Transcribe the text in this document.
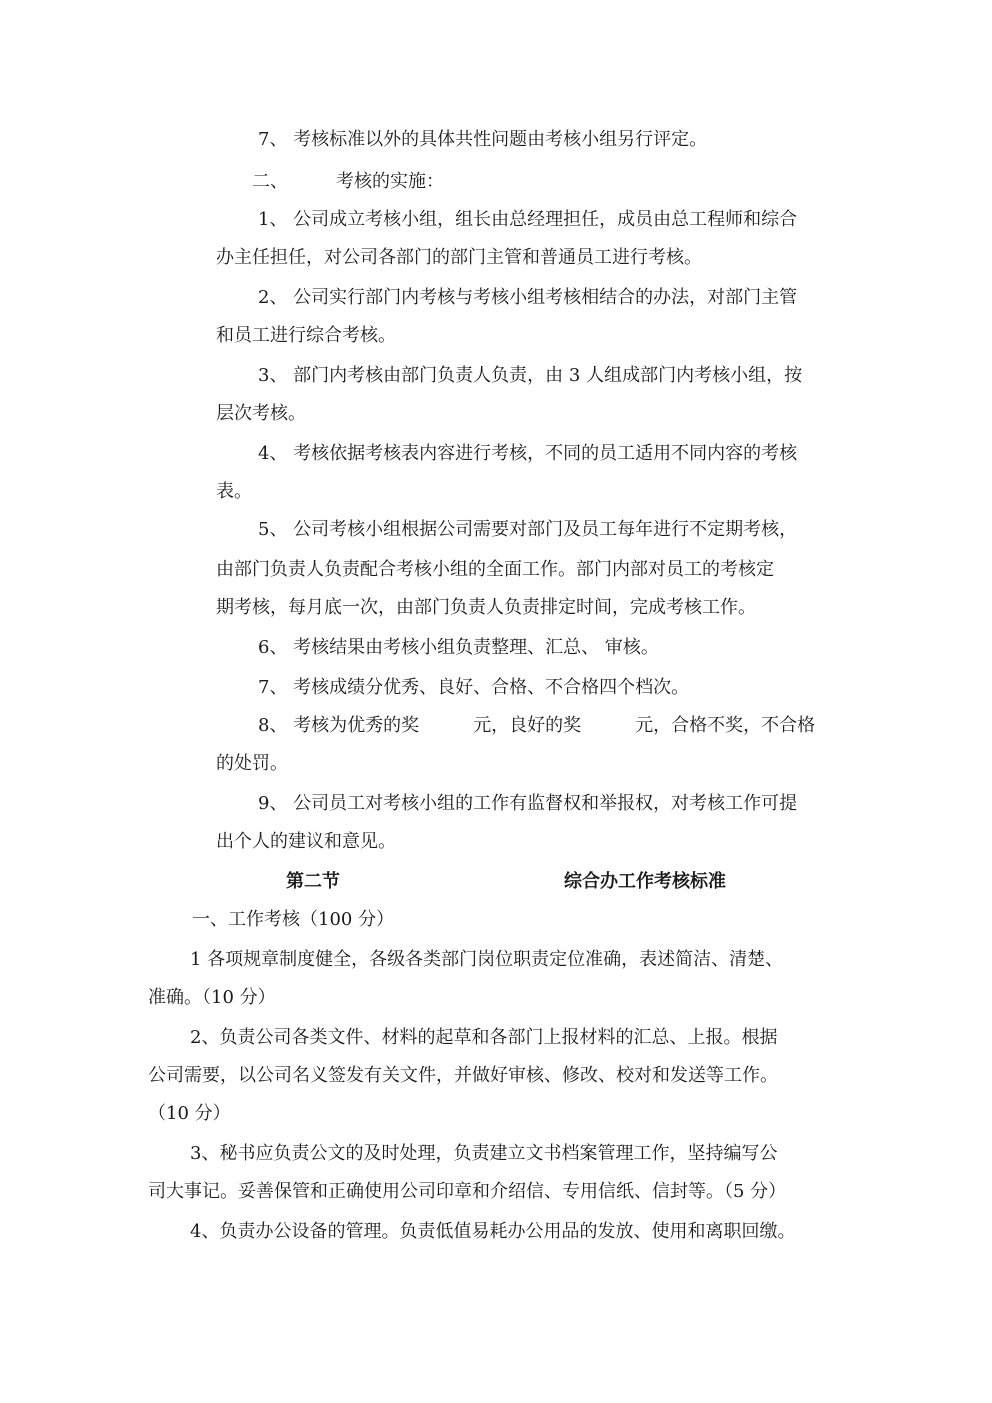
7、 考核标准以外的具体共性问题由考核小组另行评定。
二、	考核的实施：
1、 公司成立考核小组，组长由总经理担任，成员由总工程师和综合
办主任担任，对公司各部门的部门主管和普通员工进行考核。
2、 公司实行部门内考核与考核小组考核相结合的办法，对部门主管
和员工进行综合考核。
3、 部门内考核由部门负责人负责，由 3 人组成部门内考核小组，按
层次考核。
4、 考核依据考核表内容进行考核，不同的员工适用不同内容的考核
表。
5、 公司考核小组根据公司需要对部门及员工每年进行不定期考核，
由部门负责人负责配合考核小组的全面工作。部门内部对员工的考核定
期考核，每月底一次，由部门负责人负责排定时间，完成考核工作。
6、 考核结果由考核小组负责整理、汇总、 审核。
7、 考核成绩分优秀、良好、合格、不合格四个档次。
8、 考核为优秀的奖	元，良好的奖	元，合格不奖，不合格
的处罚。
9、 公司员工对考核小组的工作有监督权和举报权，对考核工作可提
出个人的建议和意见。
第二节	综合办工作考核标准
一、工作考核（100 分）
1 各项规章制度健全，各级各类部门岗位职责定位准确，表述简洁、清楚、
准确。（10 分）
2、负责公司各类文件、材料的起草和各部门上报材料的汇总、上报。根据
公司需要，以公司名义签发有关文件，并做好审核、修改、校对和发送等工作。
（10 分）
3、秘书应负责公文的及时处理，负责建立文书档案管理工作，坚持编写公
司大事记。妥善保管和正确使用公司印章和介绍信、专用信纸、信封等。（5 分）
4、负责办公设备的管理。负责低值易耗办公用品的发放、使用和离职回缴。
